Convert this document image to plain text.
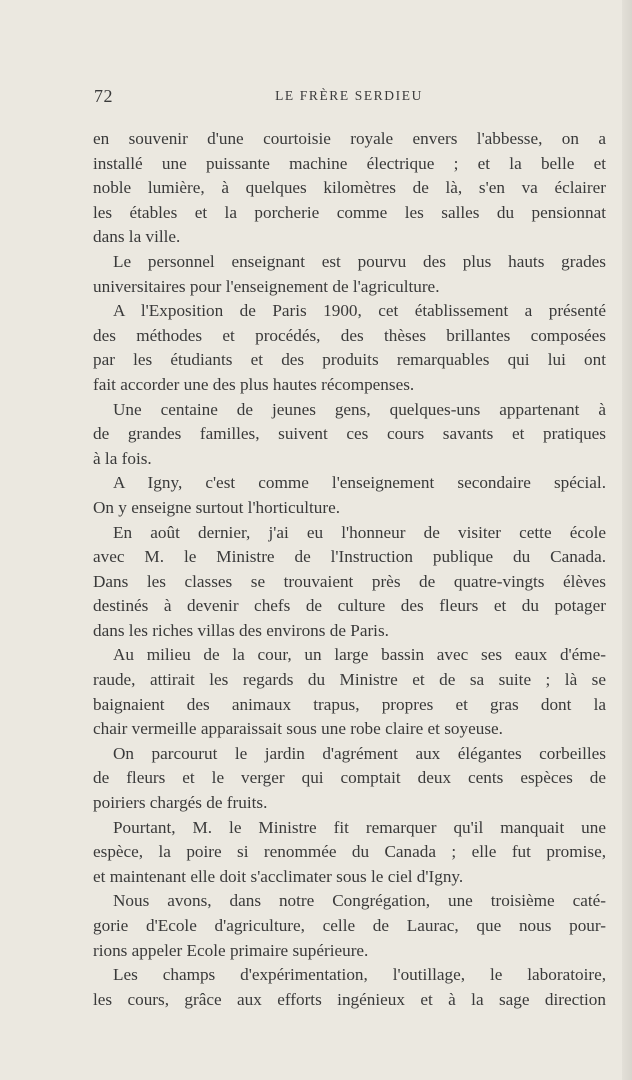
72	LE FRÈRE SERDIEU
en souvenir d'une courtoisie royale envers l'abbesse, on a
installé une puissante machine électrique ; et la belle et
noble lumière, à quelques kilomètres de là, s'en va éclairer
les étables et la porcherie comme les salles du pensionnat
dans la ville.
Le personnel enseignant est pourvu des plus hauts grades
universitaires pour l'enseignement de l'agriculture.
A l'Exposition de Paris 1900, cet établissement a présenté
des méthodes et procédés, des thèses brillantes composées
par les étudiants et des produits remarquables qui lui ont
fait accorder une des plus hautes récompenses.
Une centaine de jeunes gens, quelques-uns appartenant à
de grandes familles, suivent ces cours savants et pratiques
à la fois.
A Igny, c'est comme l'enseignement secondaire spécial.
On y enseigne surtout l'horticulture.
En août dernier, j'ai eu l'honneur de visiter cette école
avec M. le Ministre de l'Instruction publique du Canada.
Dans les classes se trouvaient près de quatre-vingts élèves
destinés à devenir chefs de culture des fleurs et du potager
dans les riches villas des environs de Paris.
Au milieu de la cour, un large bassin avec ses eaux d'éme-
raude, attirait les regards du Ministre et de sa suite ; là se
baignaient des animaux trapus, propres et gras dont la
chair vermeille apparaissait sous une robe claire et soyeuse.
On parcourut le jardin d'agrément aux élégantes corbeilles
de fleurs et le verger qui comptait deux cents espèces de
poiriers chargés de fruits.
Pourtant, M. le Ministre fit remarquer qu'il manquait une
espèce, la poire si renommée du Canada ; elle fut promise,
et maintenant elle doit s'acclimater sous le ciel d'Igny.
Nous avons, dans notre Congrégation, une troisième caté-
gorie d'Ecole d'agriculture, celle de Laurac, que nous pour-
rions appeler Ecole primaire supérieure.
Les champs d'expérimentation, l'outillage, le laboratoire,
les cours, grâce aux efforts ingénieux et à la sage direction
